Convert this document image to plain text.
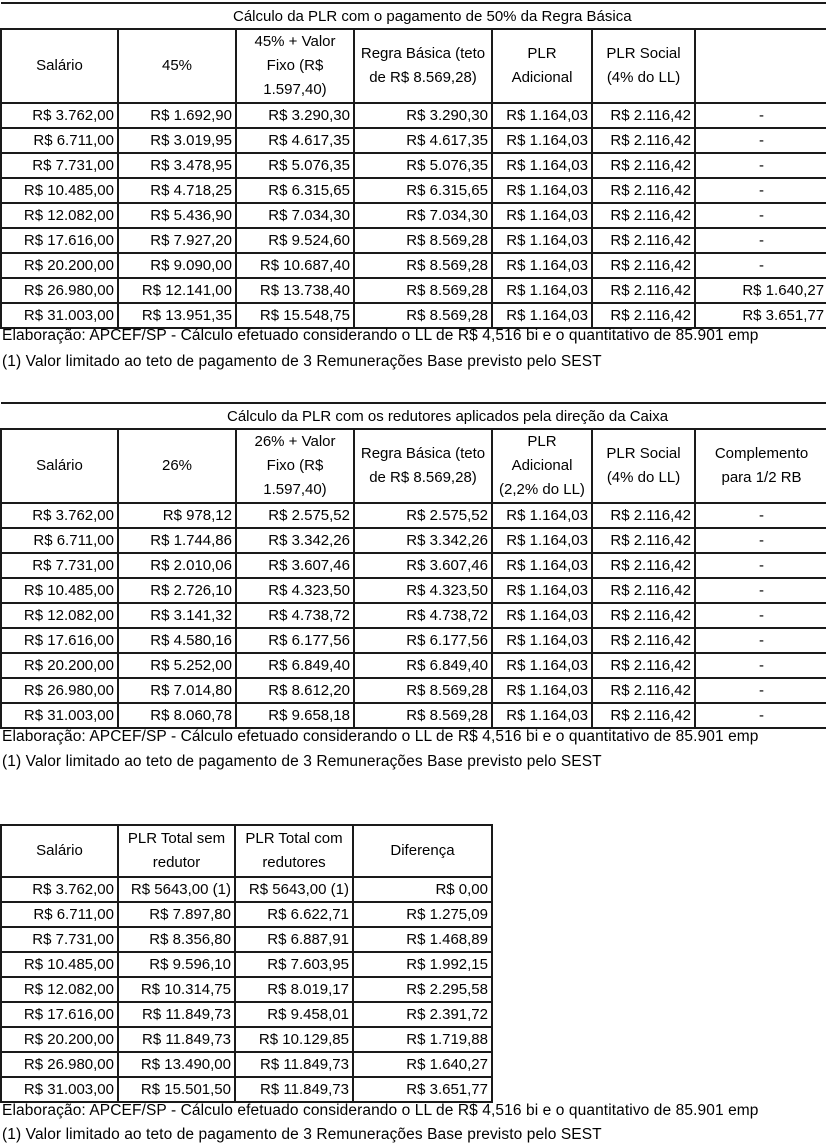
Cálculo da PLR com o pagamento de 50% da Regra Básica						
Salário	45%	45% + Valor Fixo (R$ 1.597,40)	Regra Básica (teto de R$ 8.569,28)	PLR Adicional	PLR Social (4% do LL)	
R$ 3.762,00	R$ 1.692,90	R$ 3.290,30	R$ 3.290,30	R$ 1.164,03	R$ 2.116,42	-
R$ 6.711,00	R$ 3.019,95	R$ 4.617,35	R$ 4.617,35	R$ 1.164,03	R$ 2.116,42	-
R$ 7.731,00	R$ 3.478,95	R$ 5.076,35	R$ 5.076,35	R$ 1.164,03	R$ 2.116,42	-
R$ 10.485,00	R$ 4.718,25	R$ 6.315,65	R$ 6.315,65	R$ 1.164,03	R$ 2.116,42	-
R$ 12.082,00	R$ 5.436,90	R$ 7.034,30	R$ 7.034,30	R$ 1.164,03	R$ 2.116,42	-
R$ 17.616,00	R$ 7.927,20	R$ 9.524,60	R$ 8.569,28	R$ 1.164,03	R$ 2.116,42	-
R$ 20.200,00	R$ 9.090,00	R$ 10.687,40	R$ 8.569,28	R$ 1.164,03	R$ 2.116,42	-
R$ 26.980,00	R$ 12.141,00	R$ 13.738,40	R$ 8.569,28	R$ 1.164,03	R$ 2.116,42	R$ 1.640,27
R$ 31.003,00	R$ 13.951,35	R$ 15.548,75	R$ 8.569,28	R$ 1.164,03	R$ 2.116,42	R$ 3.651,77
Elaboração: APCEF/SP - Cálculo efetuado considerando o LL de R$ 4,516 bi e o quantitativo de 85.901 emp
(1) Valor limitado ao teto de pagamento de 3 Remunerações Base previsto pelo SEST
Cálculo da PLR com os redutores aplicados pela direção da Caixa						
Salário	26%	26% + Valor Fixo (R$ 1.597,40)	Regra Básica (teto de R$ 8.569,28)	PLR Adicional (2,2% do LL)	PLR Social (4% do LL)	Complemento para 1/2 RB
R$ 3.762,00	R$ 978,12	R$ 2.575,52	R$ 2.575,52	R$ 1.164,03	R$ 2.116,42	-
R$ 6.711,00	R$ 1.744,86	R$ 3.342,26	R$ 3.342,26	R$ 1.164,03	R$ 2.116,42	-
R$ 7.731,00	R$ 2.010,06	R$ 3.607,46	R$ 3.607,46	R$ 1.164,03	R$ 2.116,42	-
R$ 10.485,00	R$ 2.726,10	R$ 4.323,50	R$ 4.323,50	R$ 1.164,03	R$ 2.116,42	-
R$ 12.082,00	R$ 3.141,32	R$ 4.738,72	R$ 4.738,72	R$ 1.164,03	R$ 2.116,42	-
R$ 17.616,00	R$ 4.580,16	R$ 6.177,56	R$ 6.177,56	R$ 1.164,03	R$ 2.116,42	-
R$ 20.200,00	R$ 5.252,00	R$ 6.849,40	R$ 6.849,40	R$ 1.164,03	R$ 2.116,42	-
R$ 26.980,00	R$ 7.014,80	R$ 8.612,20	R$ 8.569,28	R$ 1.164,03	R$ 2.116,42	-
R$ 31.003,00	R$ 8.060,78	R$ 9.658,18	R$ 8.569,28	R$ 1.164,03	R$ 2.116,42	-
Elaboração: APCEF/SP - Cálculo efetuado considerando o LL de R$ 4,516 bi e o quantitativo de 85.901 emp
(1) Valor limitado ao teto de pagamento de 3 Remunerações Base previsto pelo SEST
Salário	PLR Total sem redutor	PLR Total com redutores	Diferença
R$ 3.762,00	R$ 5643,00 (1)	R$ 5643,00 (1)	R$ 0,00
R$ 6.711,00	R$ 7.897,80	R$ 6.622,71	R$ 1.275,09
R$ 7.731,00	R$ 8.356,80	R$ 6.887,91	R$ 1.468,89
R$ 10.485,00	R$ 9.596,10	R$ 7.603,95	R$ 1.992,15
R$ 12.082,00	R$ 10.314,75	R$ 8.019,17	R$ 2.295,58
R$ 17.616,00	R$ 11.849,73	R$ 9.458,01	R$ 2.391,72
R$ 20.200,00	R$ 11.849,73	R$ 10.129,85	R$ 1.719,88
R$ 26.980,00	R$ 13.490,00	R$ 11.849,73	R$ 1.640,27
R$ 31.003,00	R$ 15.501,50	R$ 11.849,73	R$ 3.651,77
Elaboração: APCEF/SP - Cálculo efetuado considerando o LL de R$ 4,516 bi e o quantitativo de 85.901 emp
(1) Valor limitado ao teto de pagamento de 3 Remunerações Base previsto pelo SEST
